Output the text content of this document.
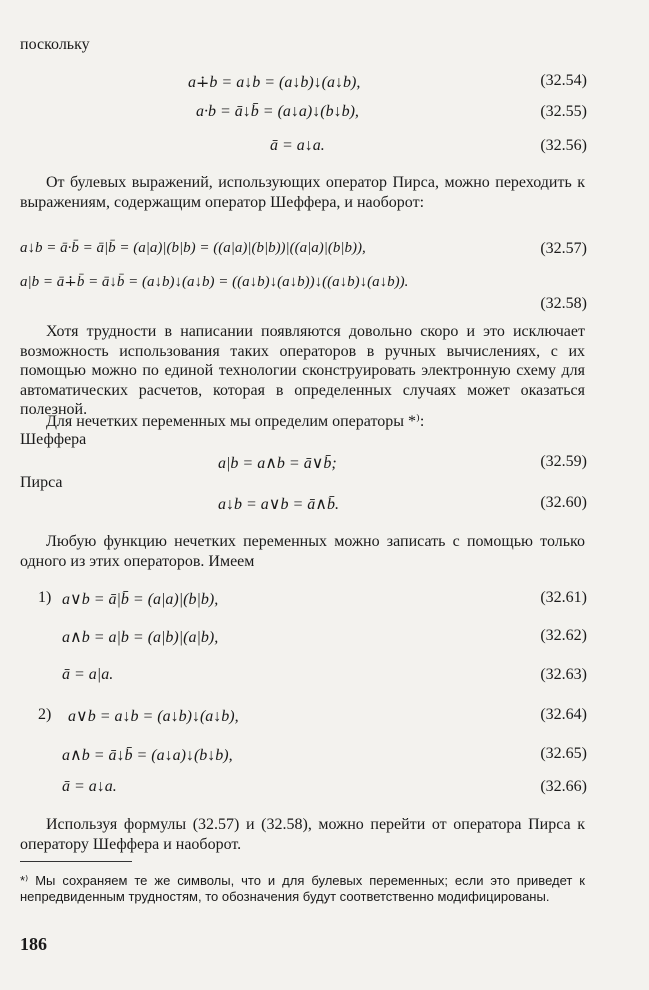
поскольку
a∔b = a↓b = (a↓b)↓(a↓b),	(32.54)
a·b = ā↓b̄ = (a↓a)↓(b↓b),	(32.55)
ā = a↓a.	(32.56)
От булевых выражений, использующих оператор Пирса, можно переходить к выражениям, содержащим оператор Шеффера, и наоборот:
a↓b = ā·b̄ = ā|b̄ = (a|a)|(b|b) = ((a|a)|(b|b))|((a|a)|(b|b)),	(32.57)
a|b = ā∔b̄ = ā↓b̄ = (a↓b)↓(a↓b) = ((a↓b)↓(a↓b))↓((a↓b)↓(a↓b)).
(32.58)
Хотя трудности в написании появляются довольно скоро и это исключает возможность использования таких операторов в ручных вычислениях, с их помощью можно по единой технологии сконструировать электронную схему для автоматических расчетов, которая в определенных случаях может оказаться полезной.
Для нечетких переменных мы определим операторы *⁾:
Шеффера
a|b = a∧b = ā∨b̄;	(32.59)
Пирса
a↓b = a∨b = ā∧b̄.	(32.60)
Любую функцию нечетких переменных можно записать с помощью только одного из этих операторов. Имеем
1) a∨b = ā|b̄ = (a|a)|(b|b),	(32.61)
a∧b = a|b = (a|b)|(a|b),	(32.62)
ā = a|a.	(32.63)
2) a∨b = a↓b = (a↓b)↓(a↓b),	(32.64)
a∧b = ā↓b̄ = (a↓a)↓(b↓b),	(32.65)
ā = a↓a.	(32.66)
Используя формулы (32.57) и (32.58), можно перейти от оператора Пирса к оператору Шеффера и наоборот.
*⁾ Мы сохраняем те же символы, что и для булевых переменных; если это приведет к непредвиденным трудностям, то обозначения будут соответственно модифицированы.
186
